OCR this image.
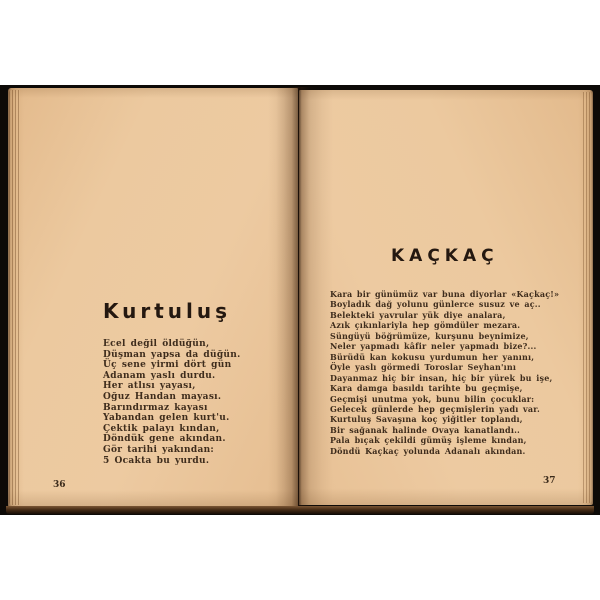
Kurtuluş
Ecel değil öldüğün,
Düşman yapsa da düğün.
Üç sene yirmi dört gün
Adanam yaslı durdu.
Her atlısı yayası,
Oğuz Handan mayası.
Barındırmaz kayası
Yabandan gelen kurt'u.
Çektik palayı kından,
Döndük gene akından.
Gör tarihi yakından:
5 Ocakta bu yurdu.
36
KAÇKAÇ
Kara bir günümüz var buna diyorlar «Kaçkaç!»
Boyladık dağ yolunu günlerce susuz ve aç..
Belekteki yavrular yük diye analara,
Azık çıkınlariyla hep gömdüler mezara.
Süngüyü böğrümüze, kurşunu beynimize,
Neler yapmadı kâfir neler yapmadı bize?...
Bürüdü kan kokusu yurdumun her yanını,
Öyle yaslı görmedi Toroslar Seyhan'ını
Dayanmaz hiç bir insan, hiç bir yürek bu işe,
Kara damga basıldı tarihte bu geçmişe,
Geçmişi unutma yok, bunu bilin çocuklar:
Gelecek günlerde hep geçmişlerin yadı var.
Kurtuluş Savaşına koç yiğitler toplandı,
Bir sağanak halinde Ovaya kanatlandı..
Pala bıçak çekildi gümüş işleme kından,
Döndü Kaçkaç yolunda Adanalı akından.
37
